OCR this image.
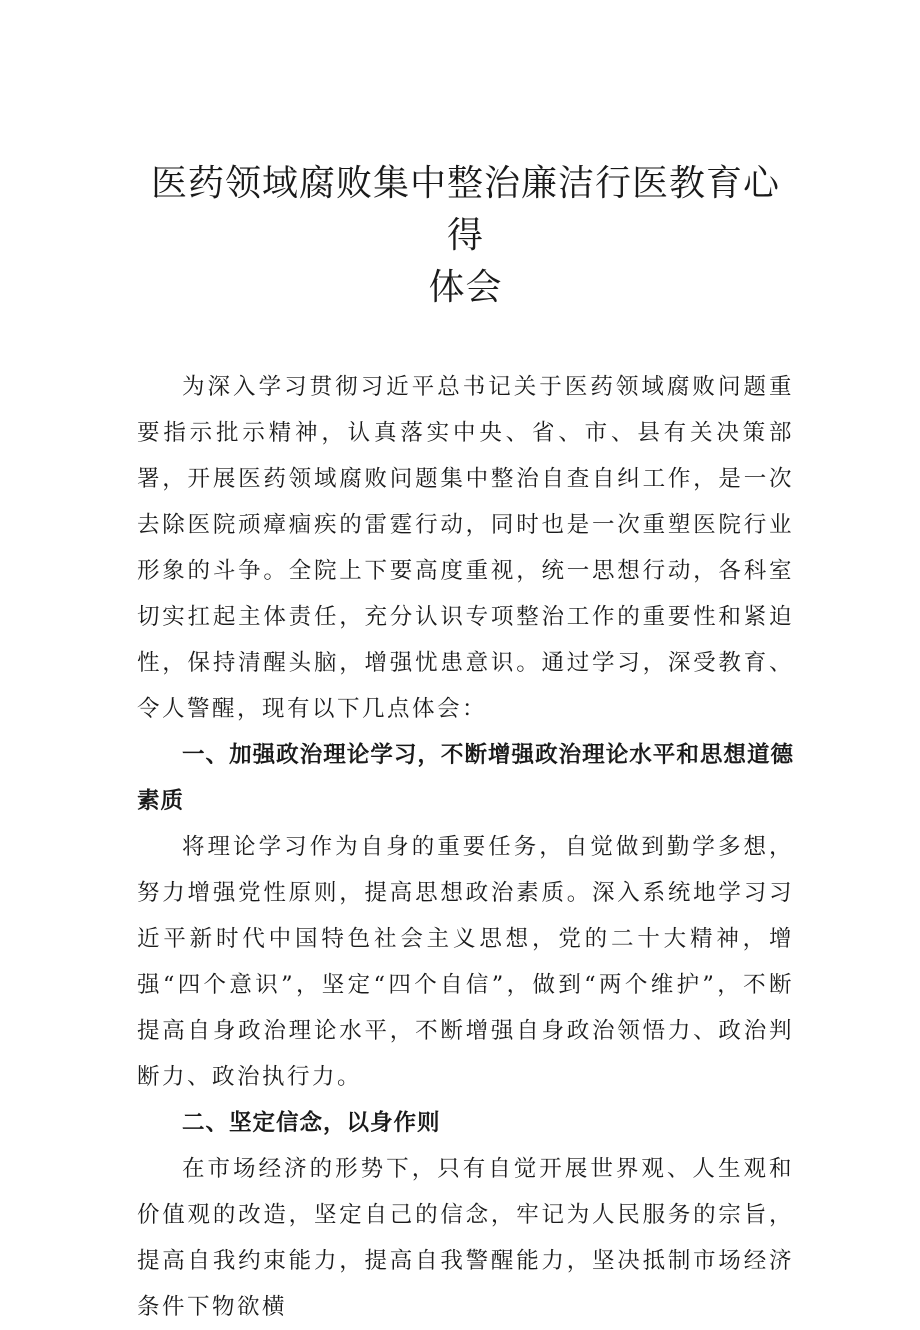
医药领域腐败集中整治廉洁行医教育心得
体会

为深入学习贯彻习近平总书记关于医药领域腐败问题重要指示批示精神，认真落实中央、省、市、县有关决策部署，开展医药领域腐败问题集中整治自查自纠工作，是一次去除医院顽瘴痼疾的雷霆行动，同时也是一次重塑医院行业形象的斗争。全院上下要高度重视，统一思想行动，各科室切实扛起主体责任，充分认识专项整治工作的重要性和紧迫性，保持清醒头脑，增强忧患意识。通过学习，深受教育、令人警醒，现有以下几点体会：

一、加强政治理论学习，不断增强政治理论水平和思想道德素质

将理论学习作为自身的重要任务，自觉做到勤学多想，努力增强党性原则，提高思想政治素质。深入系统地学习习近平新时代中国特色社会主义思想，党的二十大精神，增强“四个意识”，坚定“四个自信”，做到“两个维护”，不断提高自身政治理论水平，不断增强自身政治领悟力、政治判断力、政治执行力。

二、坚定信念，以身作则

在市场经济的形势下，只有自觉开展世界观、人生观和价值观的改造，坚定自己的信念，牢记为人民服务的宗旨，提高自我约束能力，提高自我警醒能力，坚决抵制市场经济条件下物欲横
